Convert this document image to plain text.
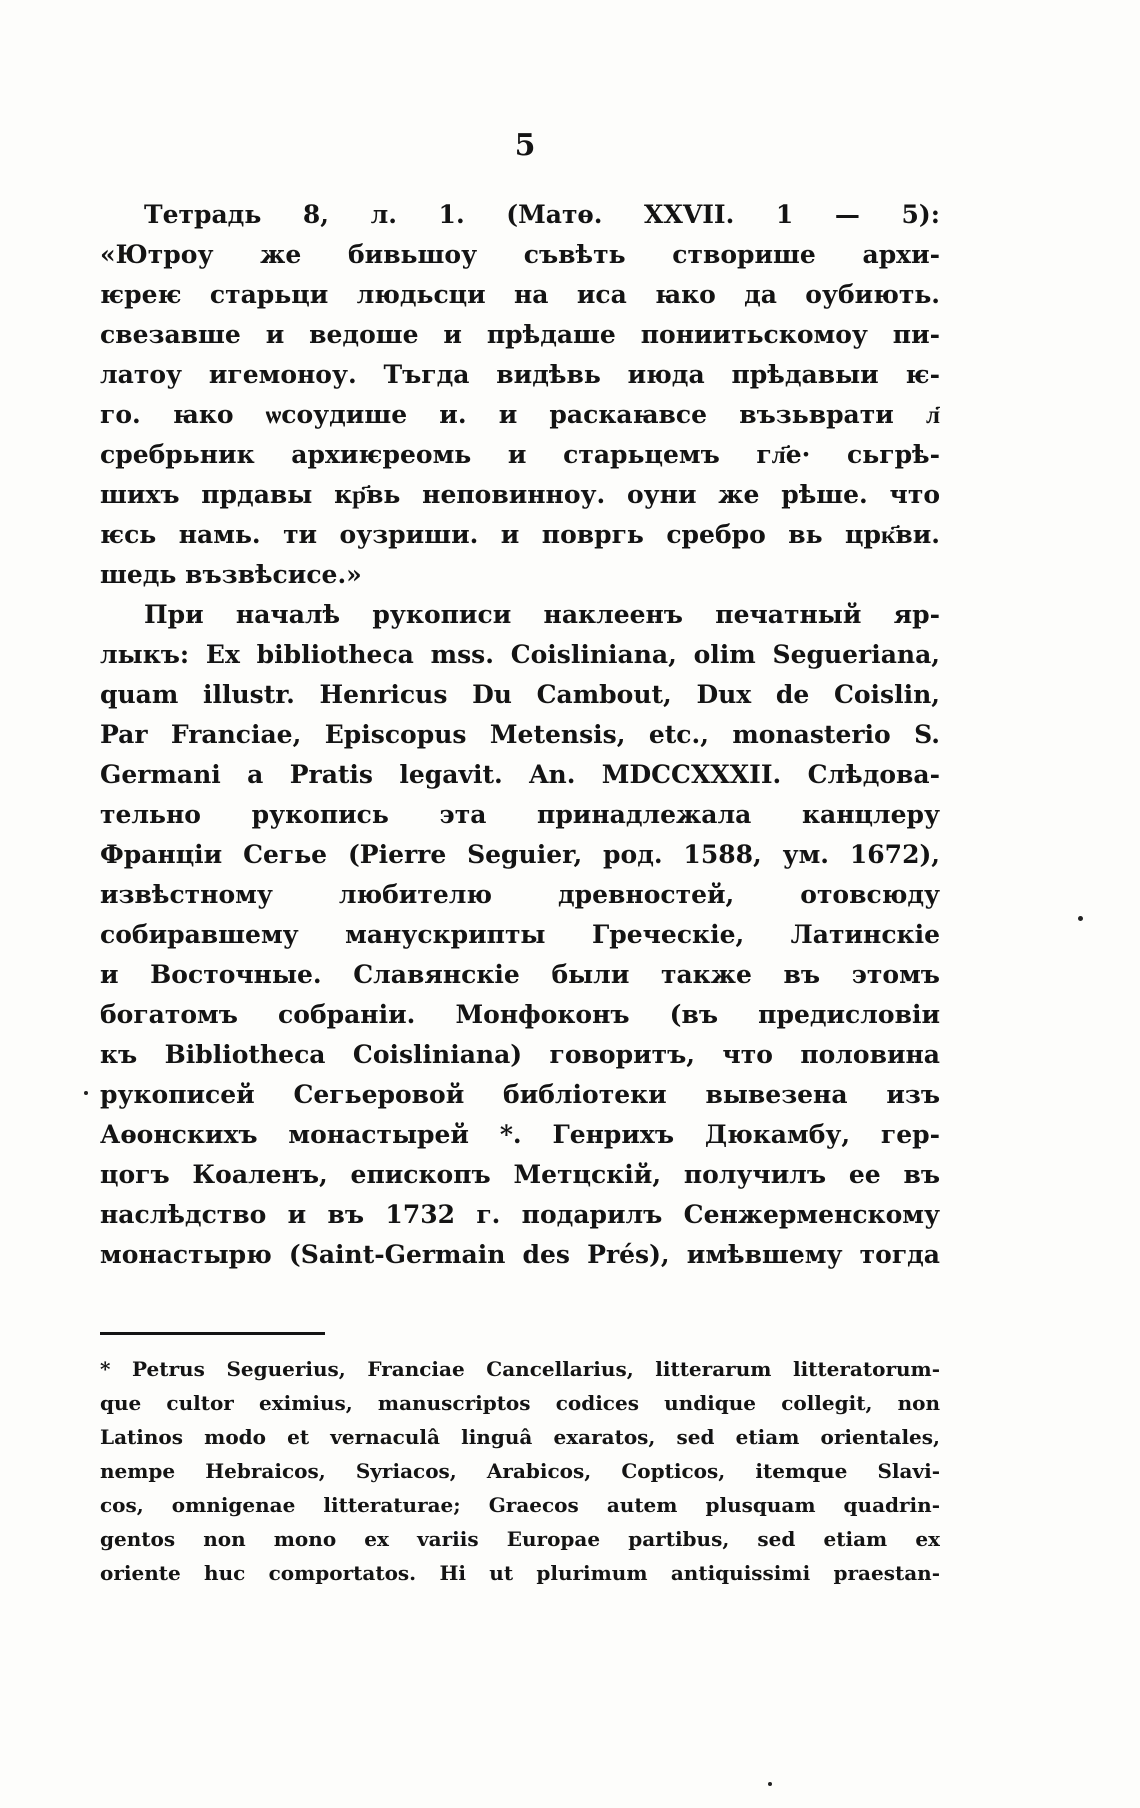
5
Тетрадь 8, л. 1. (Матѳ. XXVII. 1 — 5):
«Ютроу же бивьшоу съвѣть створише архи-
ѥреѥ старьци людьсци на иса ꙗко да оубиють.
свезавше и ведоше и прѣдаше пониитьскомоу пи-
латоу игемоноу. Тъгда видѣвь июда прѣдавыи ѥ-
го. ꙗко ѡсоудише и. и раскаꙗвсе възьврати л҃
сребрьник архиѥреомь и старьцемъ гл҃е· сьгрѣ-
шихъ прдавы кр҃вь неповинноу. оуни же рѣше. что
ѥсь намь. ти оузриши. и повргь сребро вь црк҃ви.
шедь възвѣсисе.»
При началѣ рукописи наклеенъ печатный яр-
лыкъ: Ex bibliotheca mss. Coisliniana, olim Segueriana,
quam illustr. Henricus Du Cambout, Dux de Coislin,
Par Franciae, Episcopus Metensis, etc., monasterio S.
Germani a Pratis legavit. An. MDCCXXXII. Слѣдова-
тельно рукопись эта принадлежала канцлеру
Франціи Сегье (Pierre Seguier, род. 1588, ум. 1672),
извѣстному любителю древностей, отовсюду
собиравшему манускрипты Греческіе, Латинскіе
и Восточные. Славянскіе были также въ этомъ
богатомъ собраніи. Монфоконъ (въ предисловіи
къ Bibliotheca Coisliniana) говоритъ, что половина
рукописей Сегьеровой библіотеки вывезена изъ
Аѳонскихъ монастырей *. Генрихъ Дюкамбу, гер-
цогъ Коаленъ, епископъ Метцскій, получилъ ее въ
наслѣдство и въ 1732 г. подарилъ Сенжерменскому
монастырю (Saint-Germain des Prés), имѣвшему тогда
* Petrus Seguerius, Franciae Cancellarius, litterarum litteratorum-
que cultor eximius, manuscriptos codices undique collegit, non
Latinos modo et vernaculâ linguâ exaratos, sed etiam orientales,
nempe Hebraicos, Syriacos, Arabicos, Copticos, itemque Slavi-
cos, omnigenae litteraturae; Graecos autem plusquam quadrin-
gentos non mono ex variis Europae partibus, sed etiam ex
oriente huc comportatos. Hi ut plurimum antiquissimi praestan-
